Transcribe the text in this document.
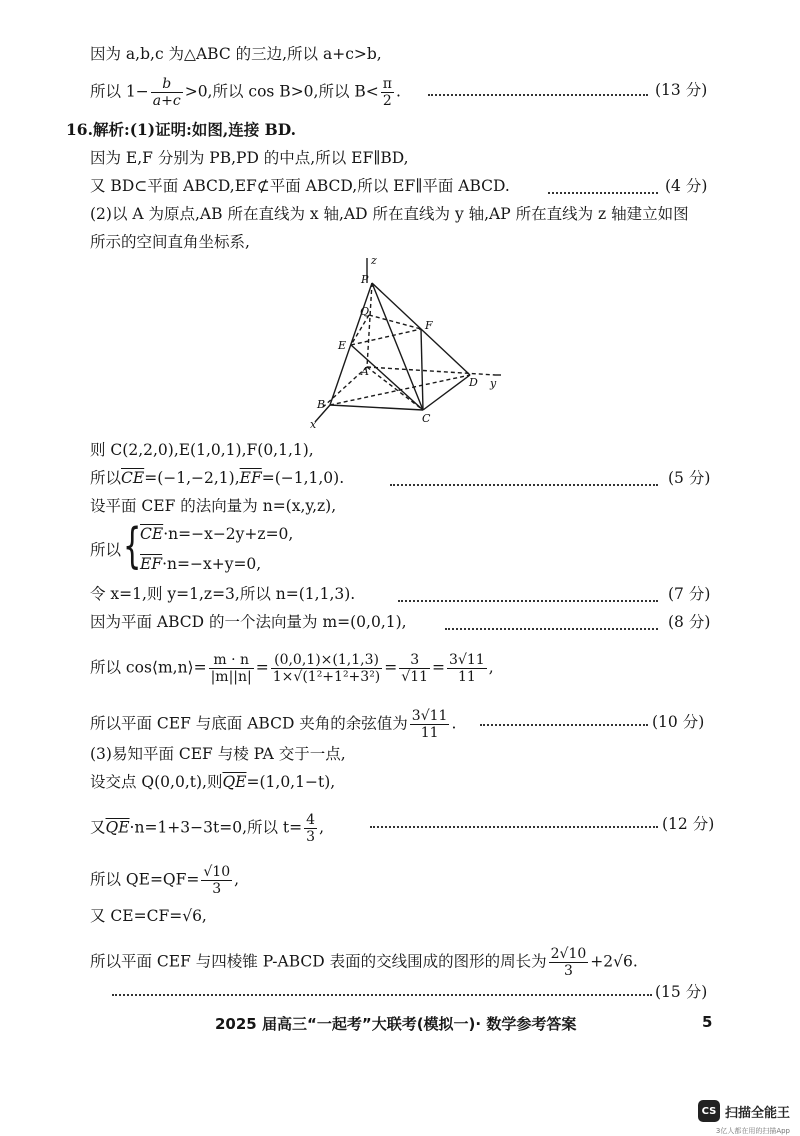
因为 a,b,c 为△ABC 的三边,所以 a+c>b,
所以 $1- \frac{b}{a+c} >0$,所以 cos B>0,所以 $B< \frac{\pi}{2}$ .	(13 分)
16.解析:(1)证明:如图,连接 BD.
因为 E,F 分别为 PB,PD 的中点,所以 EF∥BD,
又 BD⊂平面 ABCD,EF⊄平面 ABCD,所以 EF∥平面 ABCD.	(4 分)
(2)以 A 为原点,AB 所在直线为 x 轴,AD 所在直线为 y 轴,AP 所在直线为 z 轴建立如图
所示的空间直角坐标系,
P
z
Q
F
E
A
D y
B
C
x
则 C(2,2,0),E(1,0,1),F(0,1,1),
所以$\overline{CE}=(-1,-2,1),\overline{EF}=(-1,1,0)$.	(5 分)
设平面 CEF 的法向量为 n=(x,y,z),
所以 {
$\overline{CE}\cdot n=-x-2y+z=0$,
$\overline{EF}\cdot n=-x+y=0$,
令 x=1,则 y=1,z=3,所以 n=(1,1,3).	(7 分)
因为平面 ABCD 的一个法向量为 m=(0,0,1),	(8 分)
所以 cos⟨m,n⟩= $\frac{m \cdot n}{|m||n|} = \frac{(0,0,1)\times(1,1,3)}{\text{1×√(1²+1²+3²)}} = \frac{3}{√11} = \frac{3√11}{11}$ ,
所以平面 CEF 与底面 ABCD 夹角的余弦值为 $\frac{3√11}{11}$ .	(10 分)
(3)易知平面 CEF 与棱 PA 交于一点,
设交点 Q(0,0,t),则$\overline{QE}=(1,0,1-t)$,
又$\overline{QE}\cdot n=1+3-3t=0$,所以 $t= \frac{4}{3}$ ,	(12 分)
所以 $QE=QF= \frac{√10}{3}$ ,
又 CE=CF=√6,
所以平面 CEF 与四棱锥 P-ABCD 表面的交线围成的图形的周长为 $\frac{2√10}{3} +2√6$.
(15 分)
2025 届高三“一起考”大联考(模拟一)· 数学参考答案	5
CS 扫描全能王
3亿人都在用的扫描App
